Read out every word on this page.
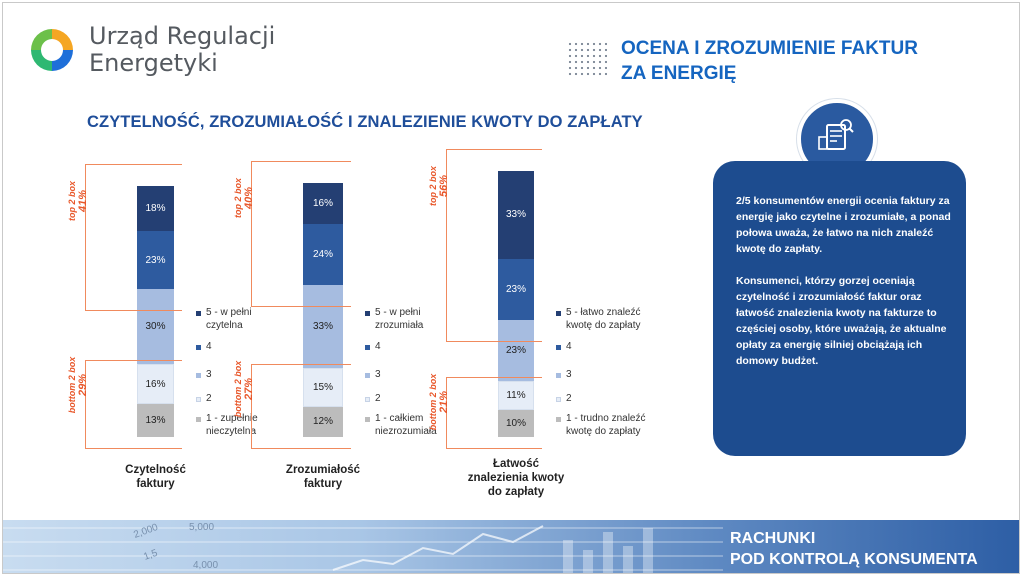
Urząd Regulacji
Energetyki
OCENA I ZROZUMIENIE FAKTUR
ZA ENERGIĘ
CZYTELNOŚĆ, ZROZUMIAŁOŚĆ I ZNALEZIENIE KWOTY DO ZAPŁATY
13%
16%
30%
23%
18%
top 2 box 41%
bottom 2 box 29%
1 - zupełnie
nieczytelna
2
3
4
5 - w pełni
czytelna
Czytelność
faktury
12%
15%
33%
24%
16%
top 2 box 40%
bottom 2 box 27%
1 - całkiem
niezrozumiała
2
3
4
5 - w pełni
zrozumiała
Zrozumiałość
faktury
10%
11%
23%
23%
33%
top 2 box 56%
bottom 2 box 21%
1 - trudno znaleźć
kwotę do zapłaty
2
3
4
5 - łatwo znaleźć
kwotę do zapłaty
Łatwość
znalezienia kwoty
do zapłaty

2/5 konsumentów energii ocenia faktury za energię jako czytelne i zrozumiałe, a ponad połowa uważa, że łatwo na nich znaleźć kwotę do zapłaty.

Konsumenci, którzy gorzej oceniają czytelność i zrozumiałość faktur oraz łatwość znalezienia kwoty na fakturze to częściej osoby, które uważają, że aktualne opłaty za energię silniej obciążają ich domowy budżet.

2,000	5,000
1,5
4,000
RACHUNKI
POD KONTROLĄ KONSUMENTA
